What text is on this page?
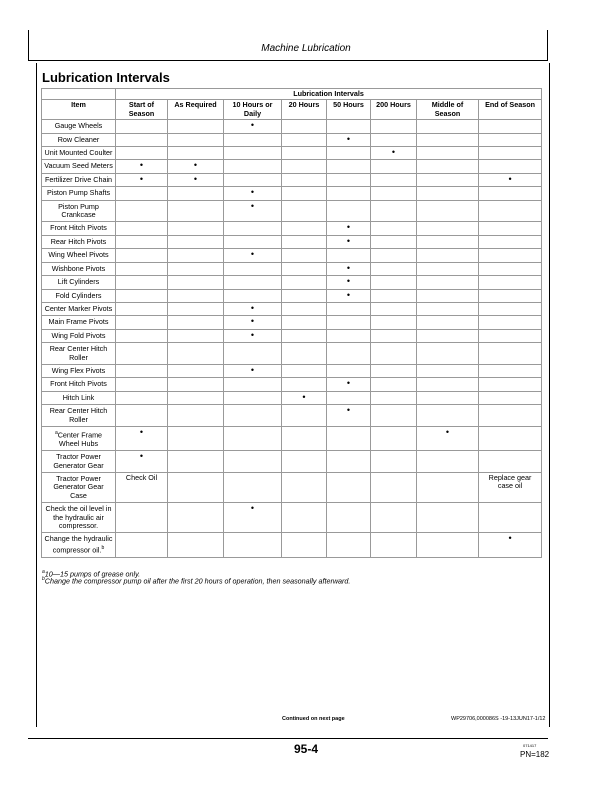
Machine Lubrication
Lubrication Intervals
	Lubrication Intervals							
Item	Start of Season	As Required	10 Hours or Daily	20 Hours	50 Hours	200 Hours	Middle of Season	End of Season
Gauge Wheels			•					
Row Cleaner					•			
Unit Mounted Coulter						•		
Vacuum Seed Meters	•	•						
Fertilizer Drive Chain	•	•						•
Piston Pump Shafts			•					
Piston Pump Crankcase			•					
Front Hitch Pivots					•			
Rear Hitch Pivots					•			
Wing Wheel Pivots			•					
Wishbone Pivots					•			
Lift Cylinders					•			
Fold Cylinders					•			
Center Marker Pivots			•					
Main Frame Pivots			•					
Wing Fold Pivots			•					
Rear Center Hitch Roller								
Wing Flex Pivots			•					
Front Hitch Pivots					•			
Hitch Link				•				
Rear Center Hitch Roller					•			
$^a$Center Frame Wheel Hubs	•						•	
Tractor Power Generator Gear	•							
Tractor Power Generator Gear Case	Check Oil							Replace gear case oil
Check the oil level in the hydraulic air compressor.			•					
Change the hydraulic compressor oil.$^b$								•
$^a$10—15 pumps of grease only.
$^b$Change the compressor pump oil after the first 20 hours of operation, then seasonally afterward.
Continued on next page	WP29706,000086S -19-13JUN17-1/12
95-4	071417
PN=182
